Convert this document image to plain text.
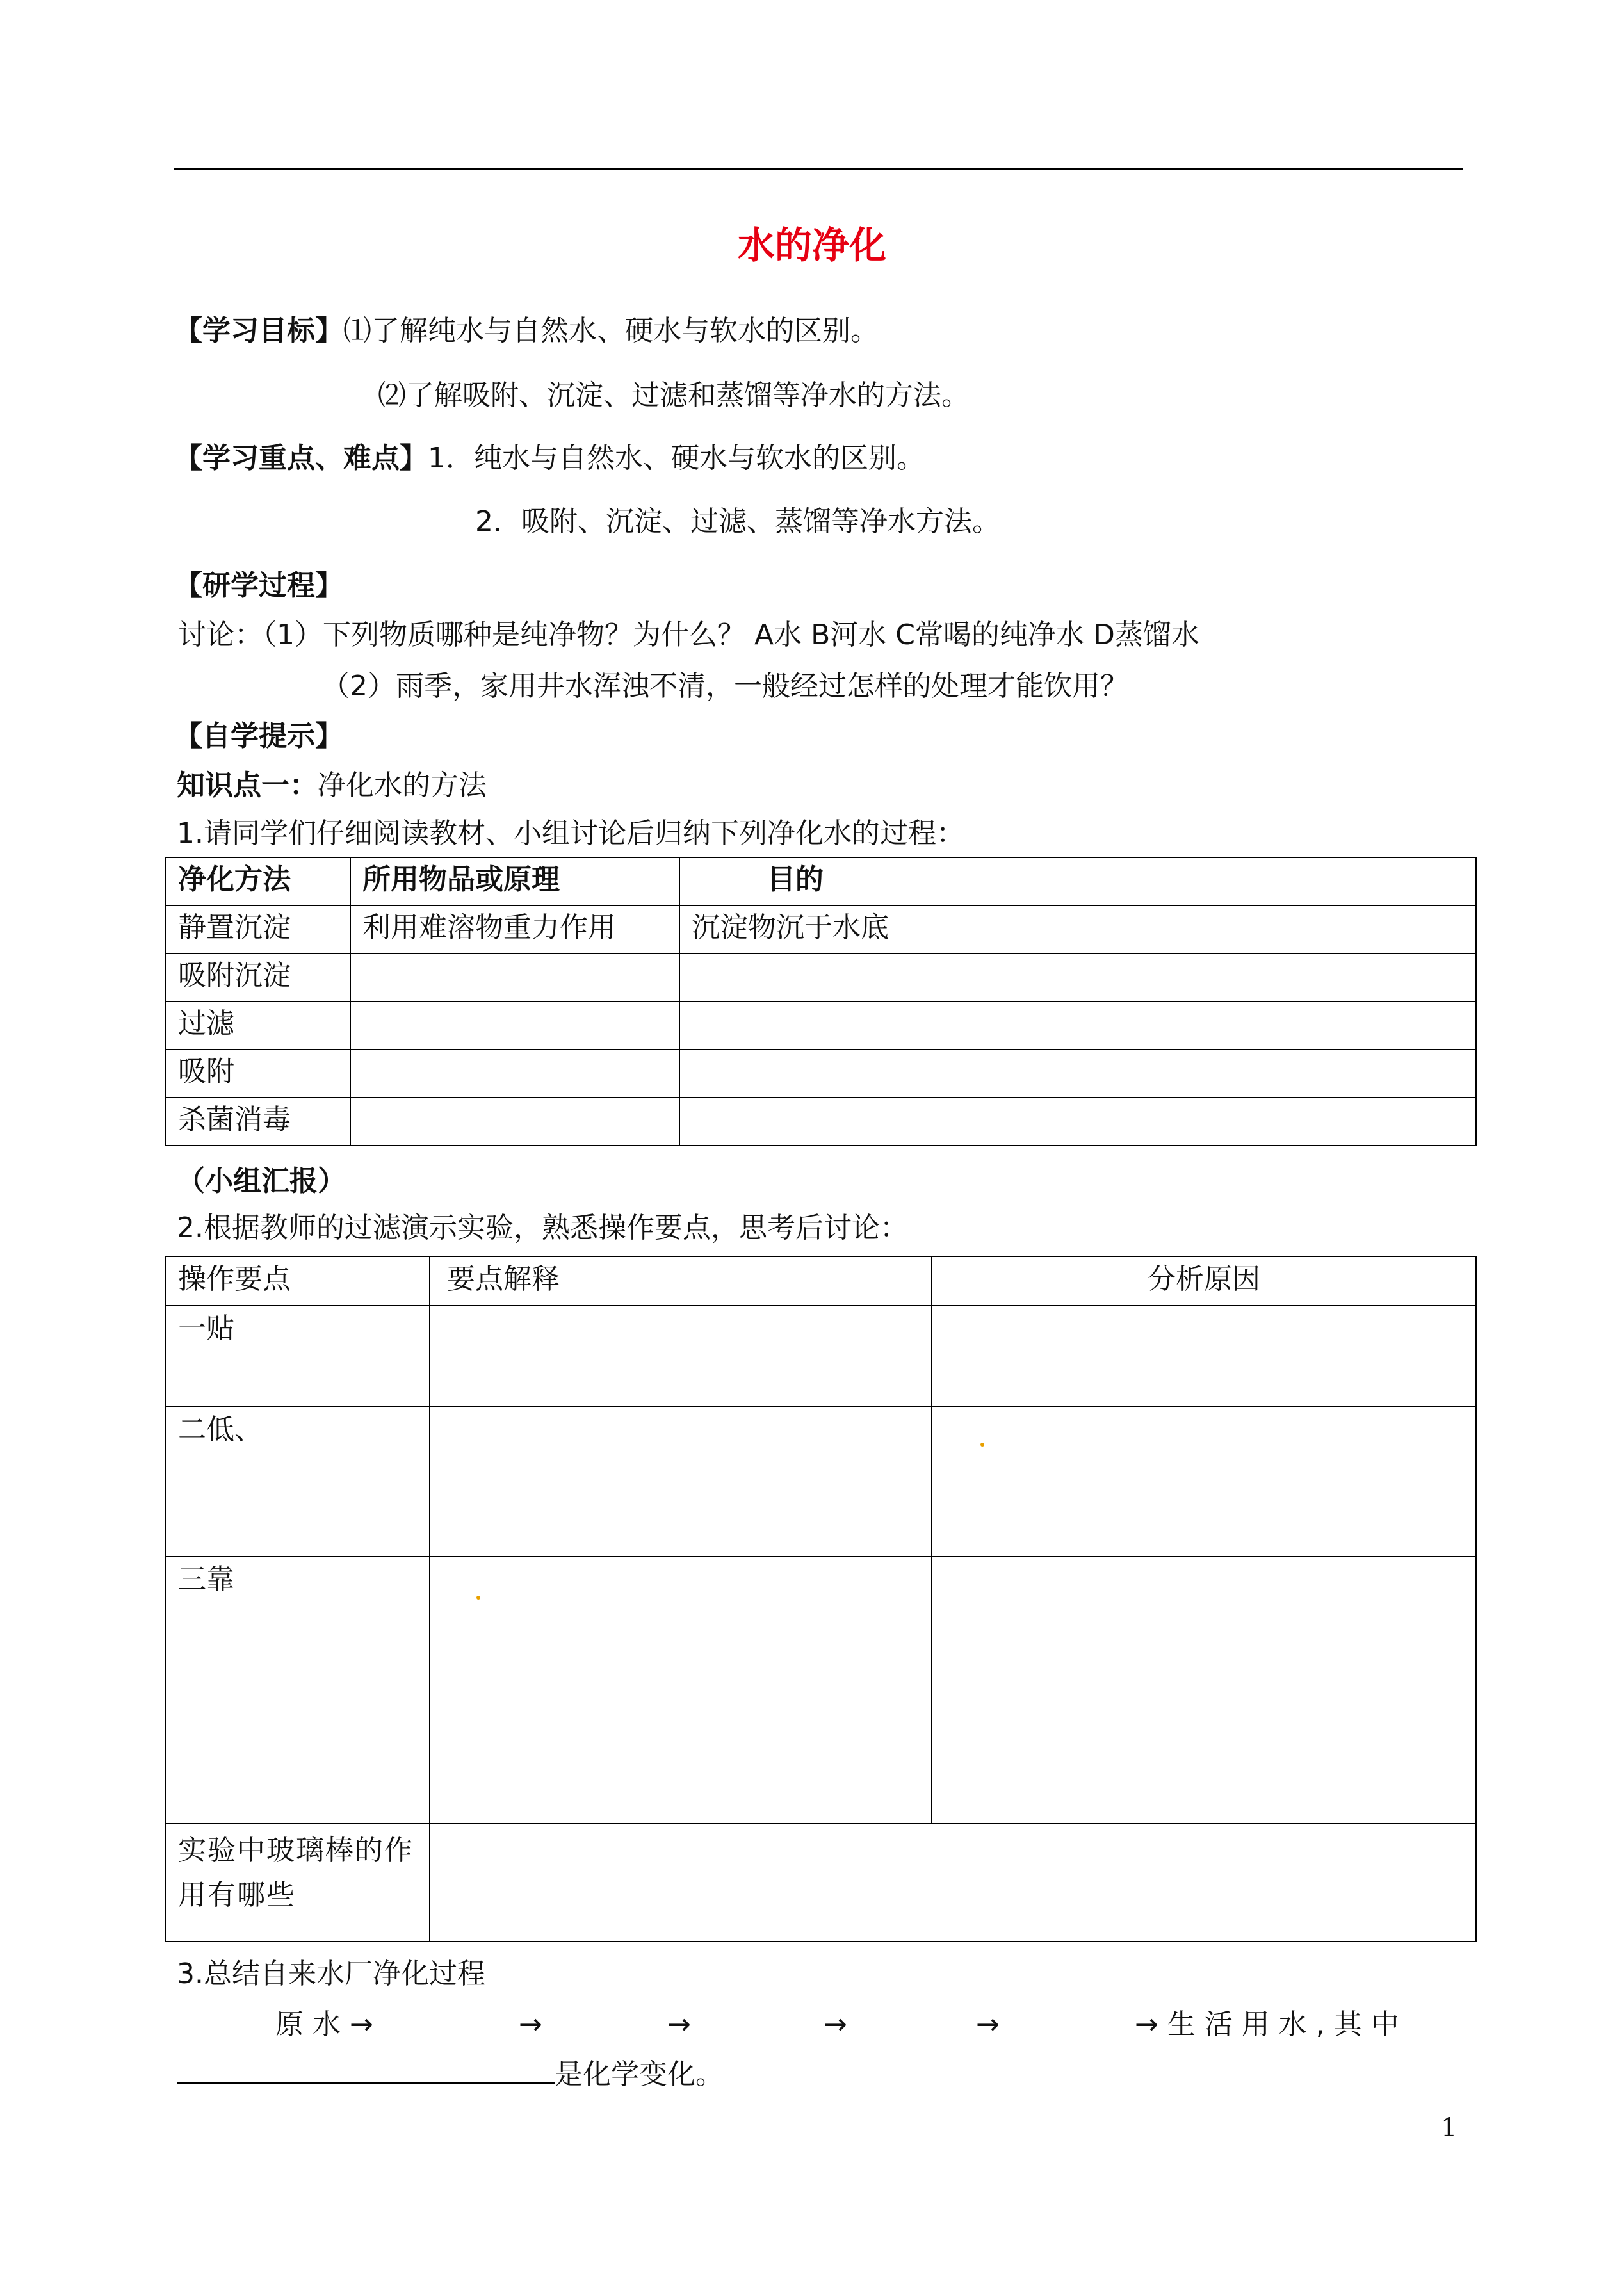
水的净化
【学习目标】⑴了解纯水与自然水、硬水与软水的区别。
⑵了解吸附、沉淀、过滤和蒸馏等净水的方法。
【学习重点、难点】1．纯水与自然水、硬水与软水的区别。
2．吸附、沉淀、过滤、蒸馏等净水方法。
【研学过程】
讨论：（1）下列物质哪种是纯净物？为什么？ A水 B河水 C常喝的纯净水 D蒸馏水
（2）雨季，家用井水浑浊不清，一般经过怎样的处理才能饮用？
【自学提示】
知识点一：净化水的方法
1.请同学们仔细阅读教材、小组讨论后归纳下列净化水的过程：
净化方法	所用物品或原理	目的
静置沉淀	利用难溶物重力作用	沉淀物沉于水底
吸附沉淀		
过滤		
吸附		
杀菌消毒		
（小组汇报）
2.根据教师的过滤演示实验，熟悉操作要点，思考后讨论：
操作要点	要点解释	分析原因
一贴		
二低、		
三靠		
实验中玻璃棒的作用有哪些		
3.总结自来水厂净化过程
原 水 →	→	→	→	→	→ 生 活 用 水 , 其 中
是化学变化。
1
